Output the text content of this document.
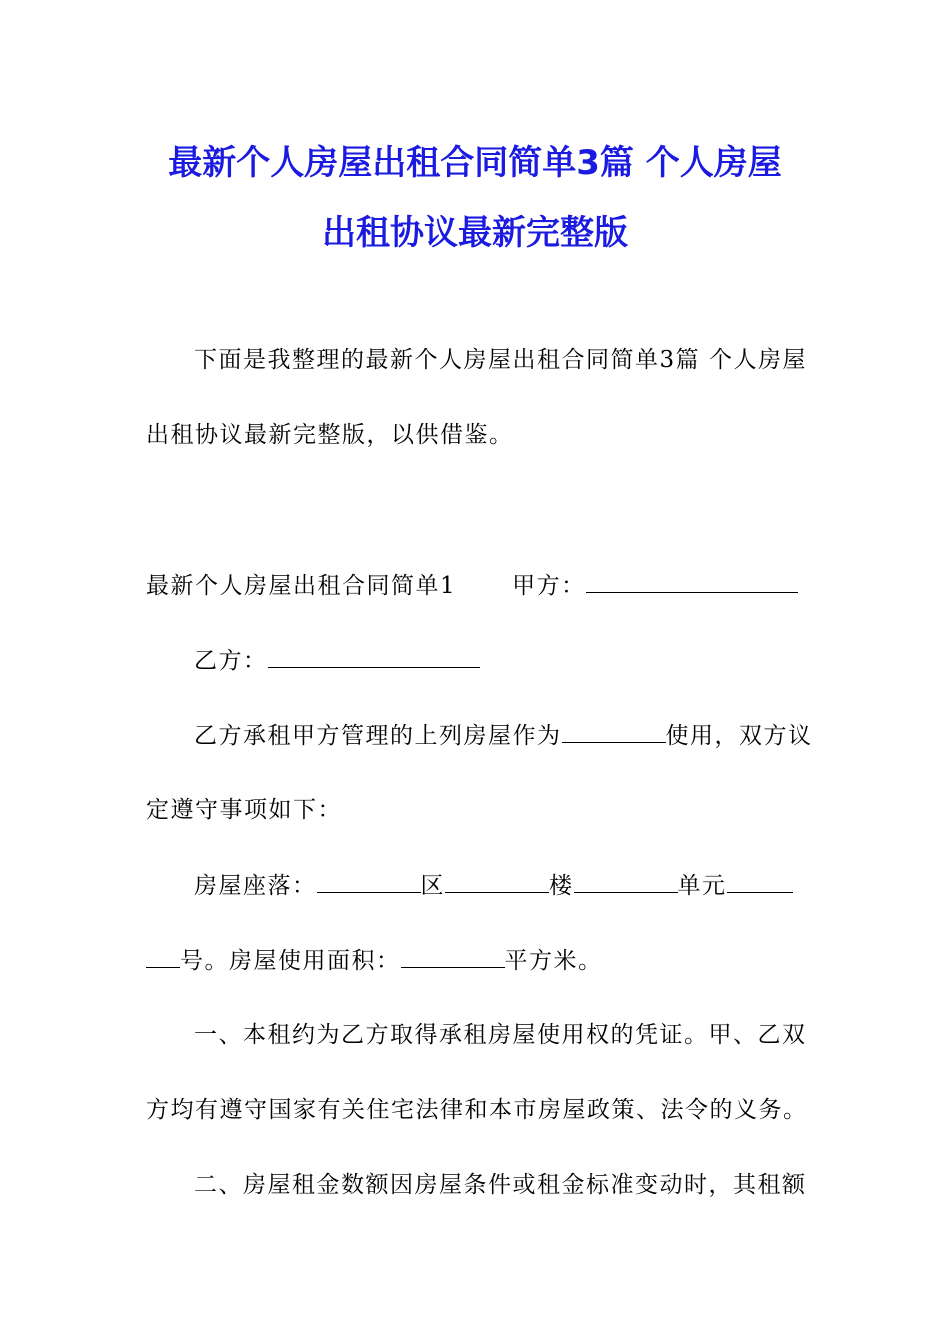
最新个人房屋出租合同简单3篇 个人房屋
出租协议最新完整版
下面是我整理的最新个人房屋出租合同简单3篇 个人房屋
出租协议最新完整版，以供借鉴。
最新个人房屋出租合同简单1 甲方：
乙方：
乙方承租甲方管理的上列房屋作为	使用，双方议
定遵守事项如下：
房屋座落：	区	楼	单元
号。房屋使用面积：	平方米。
一、本租约为乙方取得承租房屋使用权的凭证。甲、乙双
方均有遵守国家有关住宅法律和本市房屋政策、法令的义务。
二、房屋租金数额因房屋条件或租金标准变动时，其租额
